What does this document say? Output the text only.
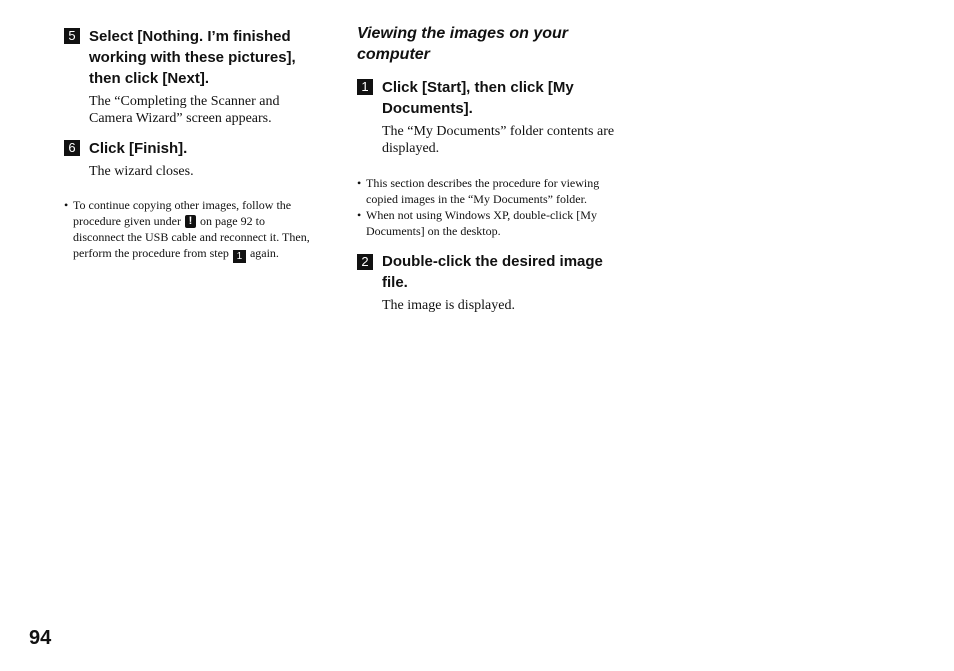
5 Select [Nothing. I’m finished working with these pictures], then click [Next].

The “Completing the Scanner and Camera Wizard” screen appears.

6 Click [Finish].

The wizard closes.

• To continue copying other images, follow the procedure given under ! on page 92 to disconnect the USB cable and reconnect it. Then, perform the procedure from step 1 again.

Viewing the images on your computer

1 Click [Start], then click [My Documents].

The “My Documents” folder contents are displayed.

• This section describes the procedure for viewing copied images in the “My Documents” folder.
• When not using Windows XP, double-click [My Documents] on the desktop.
2 Double-click the desired image file.

The image is displayed.

94
